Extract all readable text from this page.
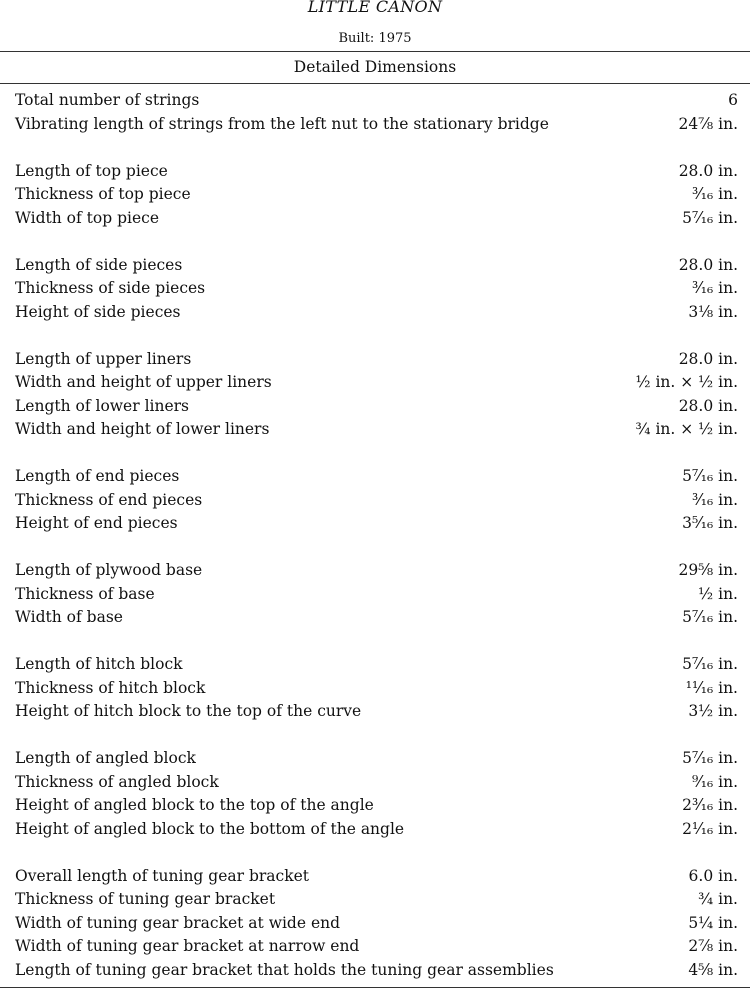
LITTLE CANON
Built: 1975
Detailed Dimensions
Total number of strings	6
Vibrating length of strings from the left nut to the stationary bridge	24⅞ in.
Length of top piece	28.0 in.
Thickness of top piece	³⁄₁₆ in.
Width of top piece	5⁷⁄₁₆ in.
Length of side pieces	28.0 in.
Thickness of side pieces	³⁄₁₆ in.
Height of side pieces	3⅛ in.
Length of upper liners	28.0 in.
Width and height of upper liners	½ in. × ½ in.
Length of lower liners	28.0 in.
Width and height of lower liners	¾ in. × ½ in.
Length of end pieces	5⁷⁄₁₆ in.
Thickness of end pieces	³⁄₁₆ in.
Height of end pieces	3⁵⁄₁₆ in.
Length of plywood base	29⅝ in.
Thickness of base	½ in.
Width of base	5⁷⁄₁₆ in.
Length of hitch block	5⁷⁄₁₆ in.
Thickness of hitch block	¹¹⁄₁₆ in.
Height of hitch block to the top of the curve	3½ in.
Length of angled block	5⁷⁄₁₆ in.
Thickness of angled block	⁹⁄₁₆ in.
Height of angled block to the top of the angle	2³⁄₁₆ in.
Height of angled block to the bottom of the angle	2¹⁄₁₆ in.
Overall length of tuning gear bracket	6.0 in.
Thickness of tuning gear bracket	¾ in.
Width of tuning gear bracket at wide end	5¼ in.
Width of tuning gear bracket at narrow end	2⅞ in.
Length of tuning gear bracket that holds the tuning gear assemblies	4⅝ in.
